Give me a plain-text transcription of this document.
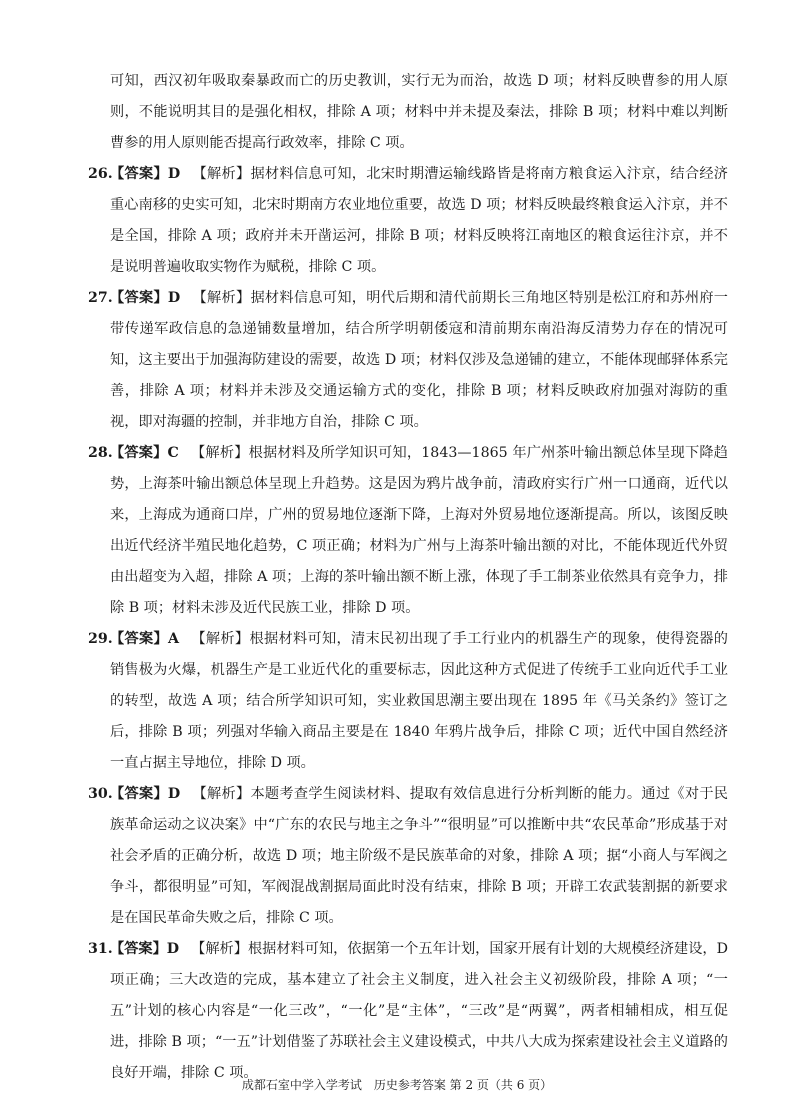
可知，西汉初年吸取秦暴政而亡的历史教训，实行无为而治，故选 D 项；材料反映曹参的用人原则，不能说明其目的是强化相权，排除 A 项；材料中并未提及秦法，排除 B 项；材料中难以判断曹参的用人原则能否提高行政效率，排除 C 项。

26.
【答案】D 【解析】据材料信息可知，北宋时期漕运输线路皆是将南方粮食运入汴京，结合经济重心南移的史实可知，北宋时期南方农业地位重要，故选 D 项；材料反映最终粮食运入汴京，并不是全国，排除 A 项；政府并未开凿运河，排除 B 项；材料反映将江南地区的粮食运往汴京，并不是说明普遍收取实物作为赋税，排除 C 项。
27.
【答案】D 【解析】据材料信息可知，明代后期和清代前期长三角地区特别是松江府和苏州府一带传递军政信息的急递铺数量增加，结合所学明朝倭寇和清前期东南沿海反清势力存在的情况可知，这主要出于加强海防建设的需要，故选 D 项；材料仅涉及急递铺的建立，不能体现邮驿体系完善，排除 A 项；材料并未涉及交通运输方式的变化，排除 B 项；材料反映政府加强对海防的重视，即对海疆的控制，并非地方自治，排除 C 项。
28.
【答案】C 【解析】根据材料及所学知识可知，1843—1865 年广州茶叶输出额总体呈现下降趋势，上海茶叶输出额总体呈现上升趋势。这是因为鸦片战争前，清政府实行广州一口通商，近代以来，上海成为通商口岸，广州的贸易地位逐渐下降，上海对外贸易地位逐渐提高。所以，该图反映出近代经济半殖民地化趋势，C 项正确；材料为广州与上海茶叶输出额的对比，不能体现近代外贸由出超变为入超，排除 A 项；上海的茶叶输出额不断上涨，体现了手工制茶业依然具有竞争力，排除 B 项；材料未涉及近代民族工业，排除 D 项。
29.
【答案】A 【解析】根据材料可知，清末民初出现了手工行业内的机器生产的现象，使得瓷器的销售极为火爆，机器生产是工业近代化的重要标志，因此这种方式促进了传统手工业向近代手工业的转型，故选 A 项；结合所学知识可知，实业救国思潮主要出现在 1895 年《马关条约》签订之后，排除 B 项；列强对华输入商品主要是在 1840 年鸦片战争后，排除 C 项；近代中国自然经济一直占据主导地位，排除 D 项。
30.
【答案】D 【解析】本题考查学生阅读材料、提取有效信息进行分析判断的能力。通过《对于民族革命运动之议决案》中“广东的农民与地主之争斗”“很明显”可以推断中共“农民革命”形成基于对社会矛盾的正确分析，故选 D 项；地主阶级不是民族革命的对象，排除 A 项；据“小商人与军阀之争斗，都很明显”可知，军阀混战割据局面此时没有结束，排除 B 项；开辟工农武装割据的新要求是在国民革命失败之后，排除 C 项。
31.
【答案】D 【解析】根据材料可知，依据第一个五年计划，国家开展有计划的大规模经济建设，D 项正确；三大改造的完成，基本建立了社会主义制度，进入社会主义初级阶段，排除 A 项；“一五”计划的核心内容是“一化三改”，“一化”是“主体”，“三改”是“两翼”，两者相辅相成，相互促进，排除 B 项；“一五”计划借鉴了苏联社会主义建设模式，中共八大成为探索建设社会主义道路的良好开端，排除 C 项。
成都石室中学入学考试　历史参考答案 第 2 页（共 6 页）
